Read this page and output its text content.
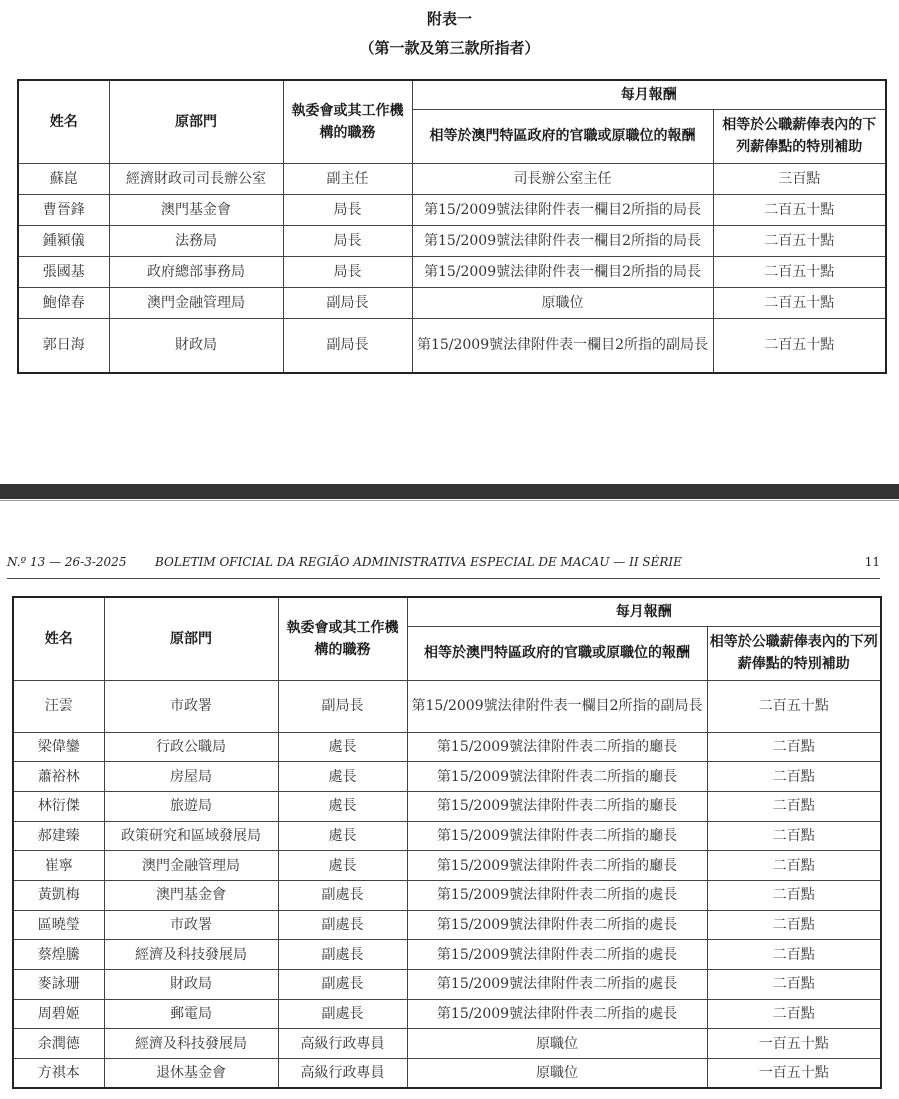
附表一
（第一款及第三款所指者）
姓名	原部門	執委會或其工作機構的職務	每月報酬	
			相等於澳門特區政府的官職或原職位的報酬	相等於公職薪俸表內的下列薪俸點的特別補助
蘇崑	經濟財政司司長辦公室	副主任	司長辦公室主任	三百點
曹晉鋒	澳門基金會	局長	第15/2009號法律附件表一欄目2所指的局長	二百五十點
鍾潁儀	法務局	局長	第15/2009號法律附件表一欄目2所指的局長	二百五十點
張國基	政府總部事務局	局長	第15/2009號法律附件表一欄目2所指的局長	二百五十點
鮑偉春	澳門金融管理局	副局長	原職位	二百五十點
郭日海	財政局	副局長	第15/2009號法律附件表一欄目2所指的副局長	二百五十點
N.º 13 — 26-3-2025 BOLETIM OFICIAL DA REGIÃO ADMINISTRATIVA ESPECIAL DE MACAU — II SÉRIE	11
姓名	原部門	執委會或其工作機構的職務	每月報酬	
			相等於澳門特區政府的官職或原職位的報酬	相等於公職薪俸表內的下列薪俸點的特別補助
汪雲	市政署	副局長	第15/2009號法律附件表一欄目2所指的副局長	二百五十點
梁偉鑾	行政公職局	處長	第15/2009號法律附件表二所指的廳長	二百點
蕭裕林	房屋局	處長	第15/2009號法律附件表二所指的廳長	二百點
林衍傑	旅遊局	處長	第15/2009號法律附件表二所指的廳長	二百點
郝建臻	政策研究和區域發展局	處長	第15/2009號法律附件表二所指的廳長	二百點
崔寧	澳門金融管理局	處長	第15/2009號法律附件表二所指的廳長	二百點
黃凱梅	澳門基金會	副處長	第15/2009號法律附件表二所指的處長	二百點
區曉瑩	市政署	副處長	第15/2009號法律附件表二所指的處長	二百點
蔡煌騰	經濟及科技發展局	副處長	第15/2009號法律附件表二所指的處長	二百點
麥詠珊	財政局	副處長	第15/2009號法律附件表二所指的處長	二百點
周碧姬	郵電局	副處長	第15/2009號法律附件表二所指的處長	二百點
余潤德	經濟及科技發展局	高級行政專員	原職位	一百五十點
方祺本	退休基金會	高級行政專員	原職位	一百五十點
